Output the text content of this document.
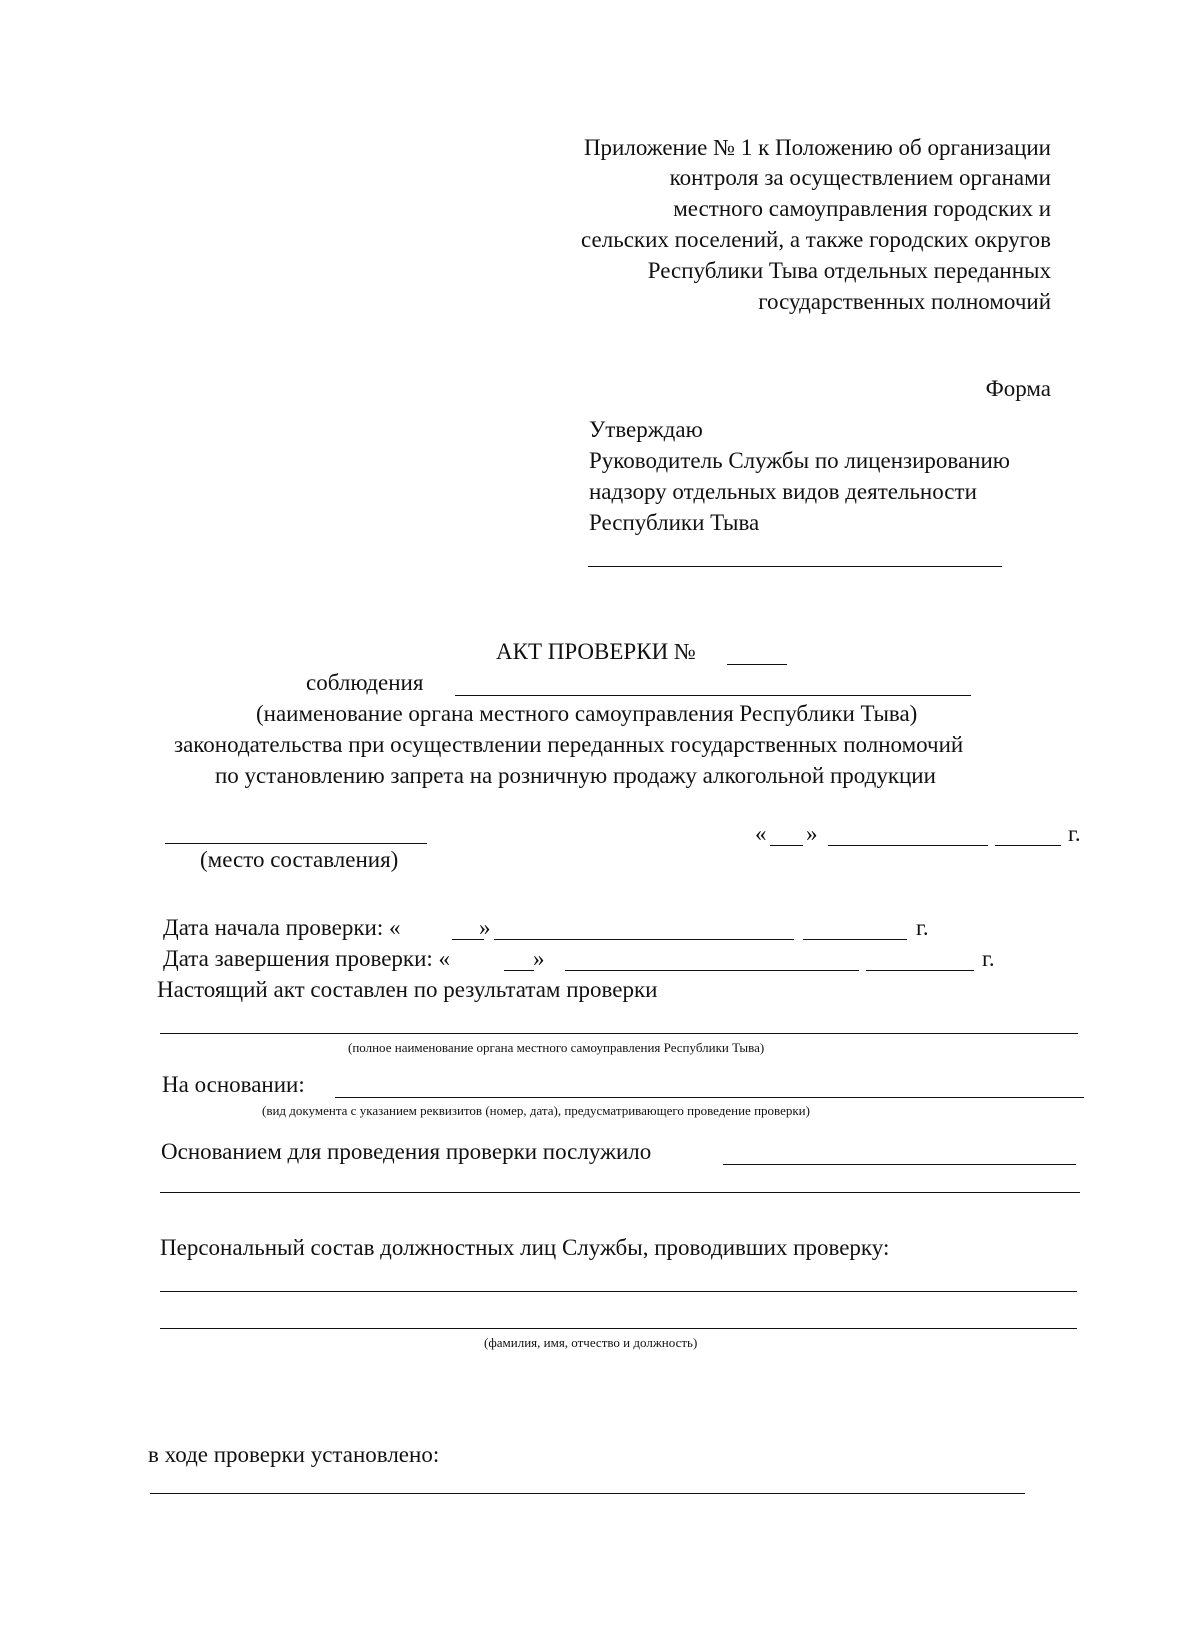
Приложение № 1 к Положению об организации
контроля за осуществлением органами
местного самоуправления городских и
сельских поселений, а также городских округов
Республики Тыва отдельных переданных
государственных полномочий
Форма
Утверждаю
Руководитель Службы по лицензированию
надзору отдельных видов деятельности
Республики Тыва
АКТ ПРОВЕРКИ №
соблюдения
(наименование органа местного самоуправления Республики Тыва)
законодательства при осуществлении переданных государственных полномочий
по установлению запрета на розничную продажу алкогольной продукции
(место составления)
« »	г.
Дата начала проверки: «	»	г.
Дата завершения проверки: «	»	г.
Настоящий акт составлен по результатам проверки
(полное наименование органа местного самоуправления Республики Тыва)
На основании:
(вид документа с указанием реквизитов (номер, дата), предусматривающего проведение проверки)
Основанием для проведения проверки послужило
Персональный состав должностных лиц Службы, проводивших проверку:
(фамилия, имя, отчество и должность)
в ходе проверки установлено:
